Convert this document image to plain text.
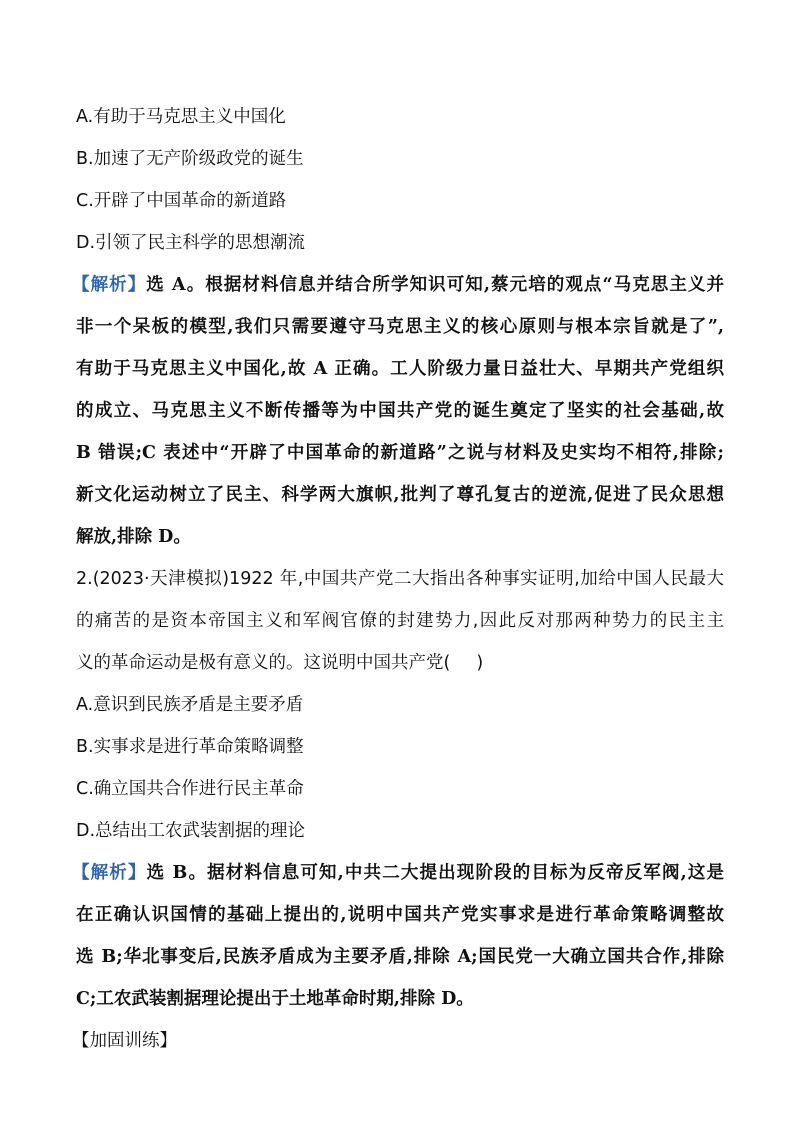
A.有助于马克思主义中国化
B.加速了无产阶级政党的诞生
C.开辟了中国革命的新道路
D.引领了民主科学的思想潮流
【解析】选 A。根据材料信息并结合所学知识可知,蔡元培的观点“马克思主义并
非一个呆板的模型,我们只需要遵守马克思主义的核心原则与根本宗旨就是了”,
有助于马克思主义中国化,故 A 正确。工人阶级力量日益壮大、早期共产党组织
的成立、马克思主义不断传播等为中国共产党的诞生奠定了坚实的社会基础,故
B 错误;C 表述中“开辟了中国革命的新道路”之说与材料及史实均不相符,排除;
新文化运动树立了民主、科学两大旗帜,批判了尊孔复古的逆流,促进了民众思想
解放,排除 D。
2.(2023·天津模拟)1922 年,中国共产党二大指出各种事实证明,加给中国人民最大
的痛苦的是资本帝国主义和军阀官僚的封建势力,因此反对那两种势力的民主主
义的革命运动是极有意义的。这说明中国共产党( )
A.意识到民族矛盾是主要矛盾
B.实事求是进行革命策略调整
C.确立国共合作进行民主革命
D.总结出工农武装割据的理论
【解析】选 B。据材料信息可知,中共二大提出现阶段的目标为反帝反军阀,这是
在正确认识国情的基础上提出的,说明中国共产党实事求是进行革命策略调整故
选 B;华北事变后,民族矛盾成为主要矛盾,排除 A;国民党一大确立国共合作,排除
C;工农武装割据理论提出于土地革命时期,排除 D。
【加固训练】
